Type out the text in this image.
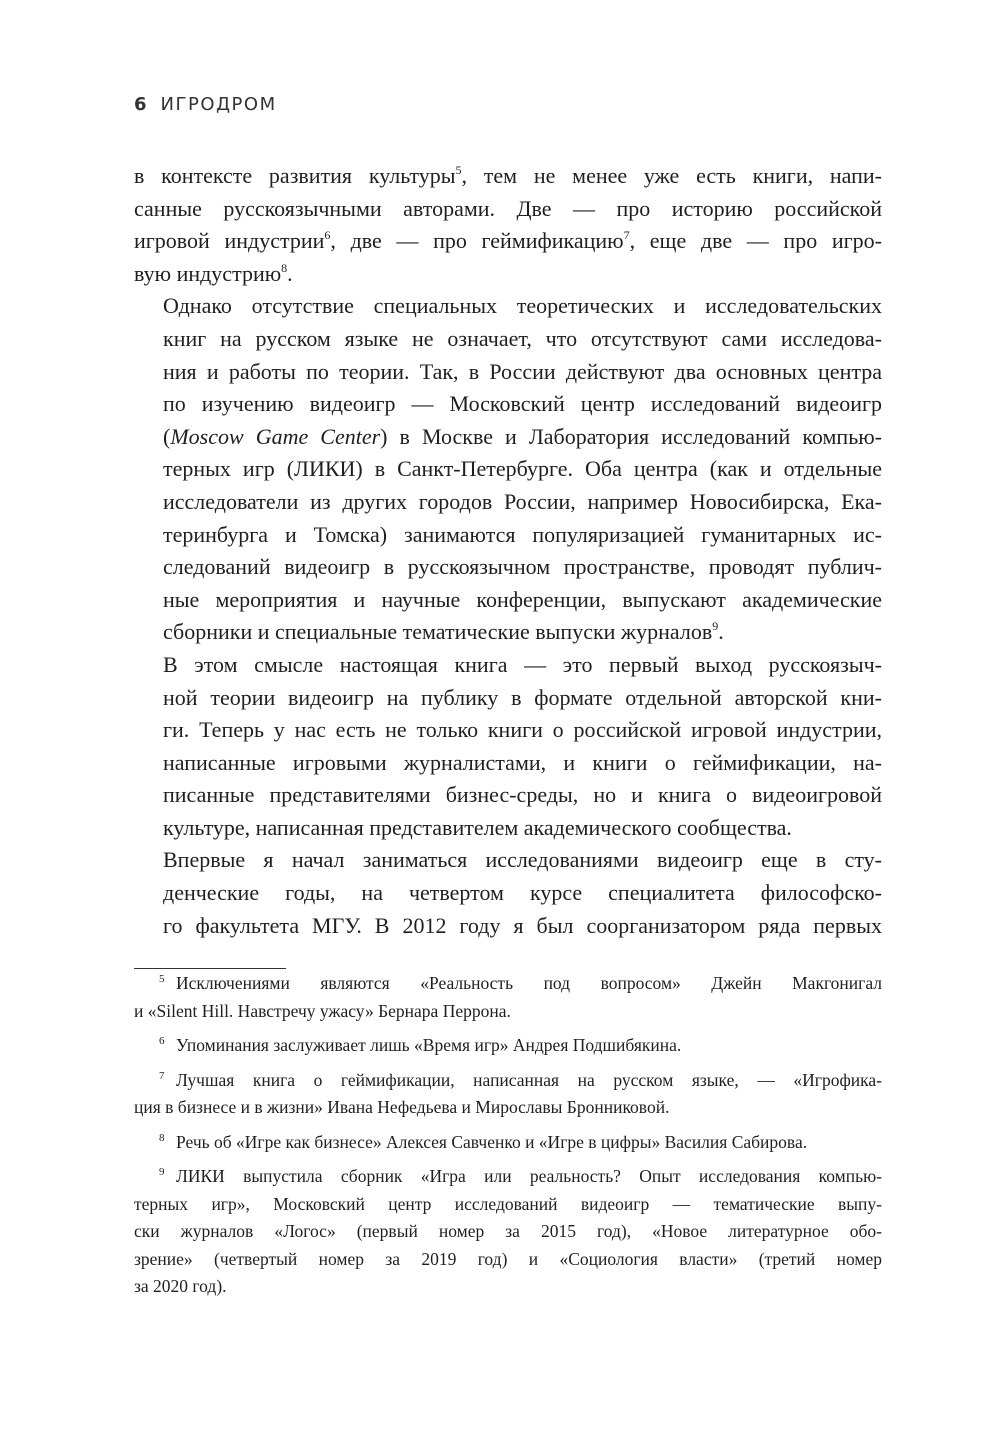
6 ИГРОДРОМ

в контексте развития культуры$^5$, тем не менее уже есть книги, напи-
санные русскоязычными авторами. Две — про историю российской
игровой индустрии$^6$, две — про геймификацию$^7$, еще две — про игро-
вую индустрию$^8$.

Однако отсутствие специальных теоретических и исследовательских
книг на русском языке не означает, что отсутствуют сами исследова-
ния и работы по теории. Так, в России действуют два основных центра
по изучению видеоигр — Московский центр исследований видеоигр
(Moscow Game Center) в Москве и Лаборатория исследований компью-
терных игр (ЛИКИ) в Санкт-Петербурге. Оба центра (как и отдельные
исследователи из других городов России, например Новосибирска, Ека-
теринбурга и Томска) занимаются популяризацией гуманитарных ис-
следований видеоигр в русскоязычном пространстве, проводят публич-
ные мероприятия и научные конференции, выпускают академические
сборники и специальные тематические выпуски журналов$^9$.

В этом смысле настоящая книга — это первый выход русскоязыч-
ной теории видеоигр на публику в формате отдельной авторской кни-
ги. Теперь у нас есть не только книги о российской игровой индустрии,
написанные игровыми журналистами, и книги о геймификации, на-
писанные представителями бизнес-среды, но и книга о видеоигровой
культуре, написанная представителем академического сообщества.

Впервые я начал заниматься исследованиями видеоигр еще в сту-
денческие годы, на четвертом курсе специалитета философско-
го факультета МГУ. В 2012 году я был соорганизатором ряда первых

5 Исключениями являются «Реальность под вопросом» Джейн Макгонигал
и «Silent Hill. Навстречу ужасу» Бернара Перрона.
6 Упоминания заслуживает лишь «Время игр» Андрея Подшибякина.
7 Лучшая книга о геймификации, написанная на русском языке, — «Игрофика-
ция в бизнесе и в жизни» Ивана Нефедьева и Мирославы Бронниковой.
8 Речь об «Игре как бизнесе» Алексея Савченко и «Игре в цифры» Василия Сабирова.
9 ЛИКИ выпустила сборник «Игра или реальность? Опыт исследования компью-
терных игр», Московский центр исследований видеоигр — тематические выпу-
ски журналов «Логос» (первый номер за 2015 год), «Новое литературное обо-
зрение» (четвертый номер за 2019 год) и «Социология власти» (третий номер
за 2020 год).
